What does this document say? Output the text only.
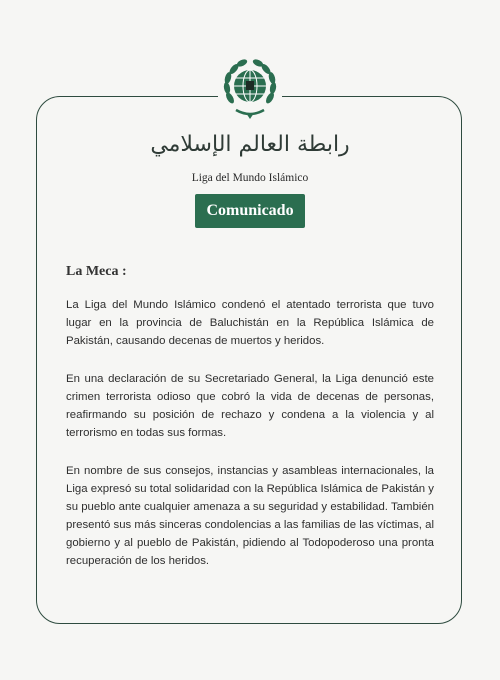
رابطة العالم الإسلامي
Liga del Mundo Islámico
Comunicado
La Meca :

La Liga del Mundo Islámico condenó el atentado terrorista que tuvo lugar en la provincia de Baluchistán en la República Islámica de Pakistán, causando decenas de muertos y heridos.

En una declaración de su Secretariado General, la Liga denunció este crimen terrorista odioso que cobró la vida de decenas de personas, reafirmando su posición de rechazo y condena a la violencia y al terrorismo en todas sus formas.

En nombre de sus consejos, instancias y asambleas internacionales, la Liga expresó su total solidaridad con la República Islámica de Pakistán y su pueblo ante cualquier amenaza a su seguridad y estabilidad. También presentó sus más sinceras condolencias a las familias de las víctimas, al gobierno y al pueblo de Pakistán, pidiendo al Todopoderoso una pronta recuperación de los heridos.
